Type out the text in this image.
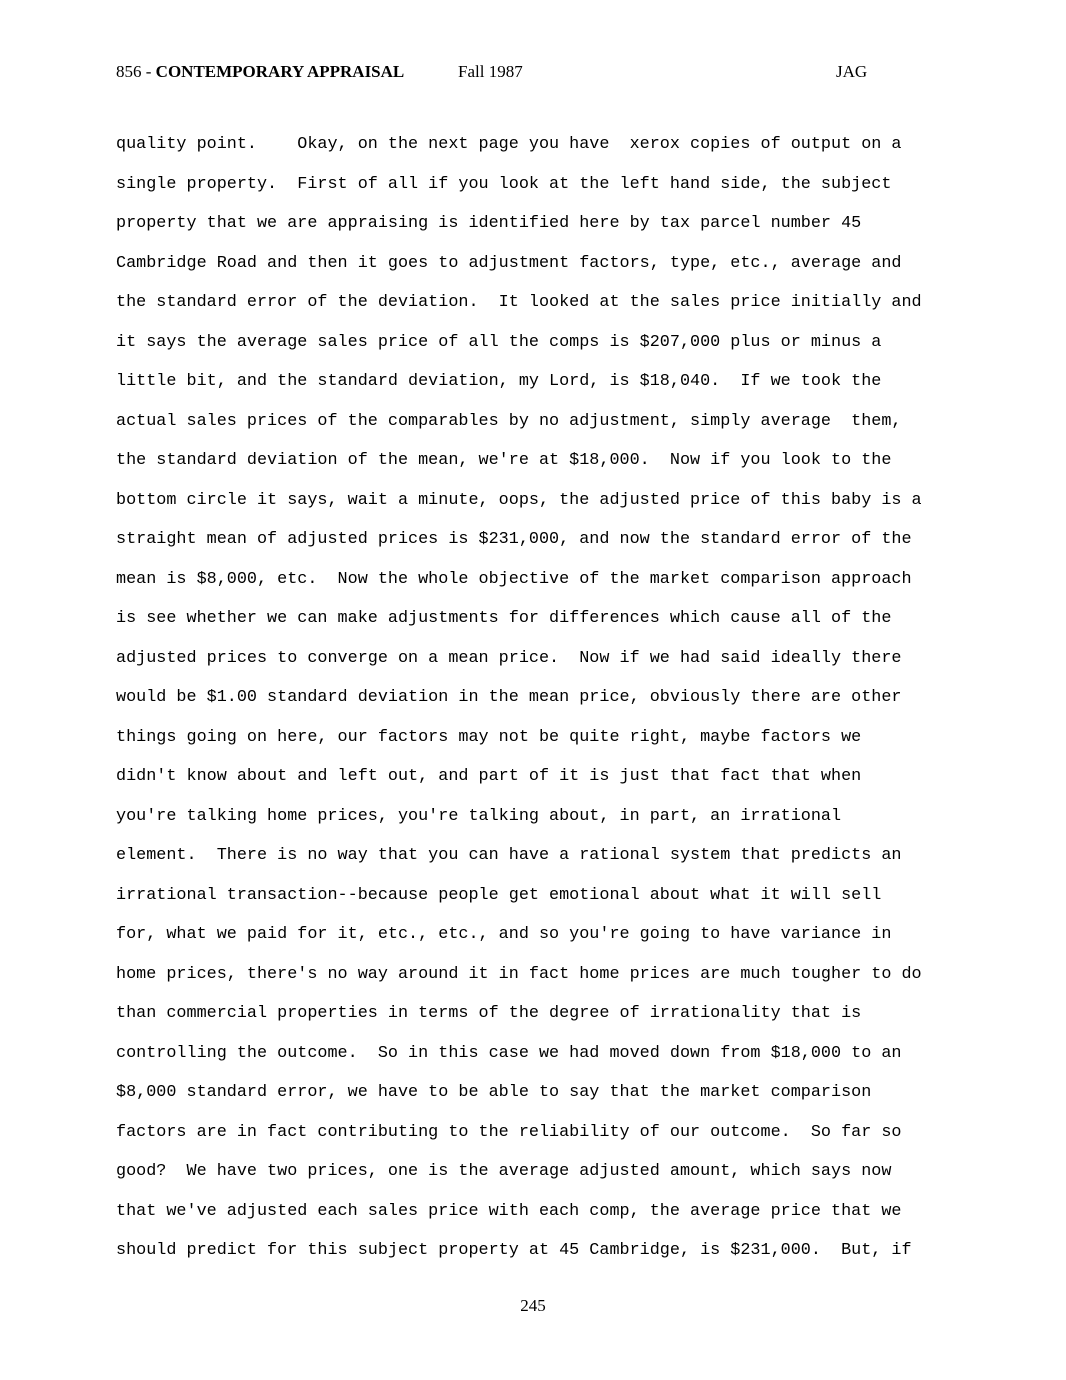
856 - CONTEMPORARY APPRAISAL	Fall 1987	JAG
quality point.    Okay, on the next page you have  xerox copies of output on a
single property.  First of all if you look at the left hand side, the subject
property that we are appraising is identified here by tax parcel number 45
Cambridge Road and then it goes to adjustment factors, type, etc., average and
the standard error of the deviation.  It looked at the sales price initially and
it says the average sales price of all the comps is $207,000 plus or minus a
little bit, and the standard deviation, my Lord, is $18,040.  If we took the
actual sales prices of the comparables by no adjustment, simply average  them,
the standard deviation of the mean, we're at $18,000.  Now if you look to the
bottom circle it says, wait a minute, oops, the adjusted price of this baby is a
straight mean of adjusted prices is $231,000, and now the standard error of the
mean is $8,000, etc.  Now the whole objective of the market comparison approach
is see whether we can make adjustments for differences which cause all of the
adjusted prices to converge on a mean price.  Now if we had said ideally there
would be $1.00 standard deviation in the mean price, obviously there are other
things going on here, our factors may not be quite right, maybe factors we
didn't know about and left out, and part of it is just that fact that when
you're talking home prices, you're talking about, in part, an irrational
element.  There is no way that you can have a rational system that predicts an
irrational transaction--because people get emotional about what it will sell
for, what we paid for it, etc., etc., and so you're going to have variance in
home prices, there's no way around it in fact home prices are much tougher to do
than commercial properties in terms of the degree of irrationality that is
controlling the outcome.  So in this case we had moved down from $18,000 to an
$8,000 standard error, we have to be able to say that the market comparison
factors are in fact contributing to the reliability of our outcome.  So far so
good?  We have two prices, one is the average adjusted amount, which says now
that we've adjusted each sales price with each comp, the average price that we
should predict for this subject property at 45 Cambridge, is $231,000.  But, if
245
